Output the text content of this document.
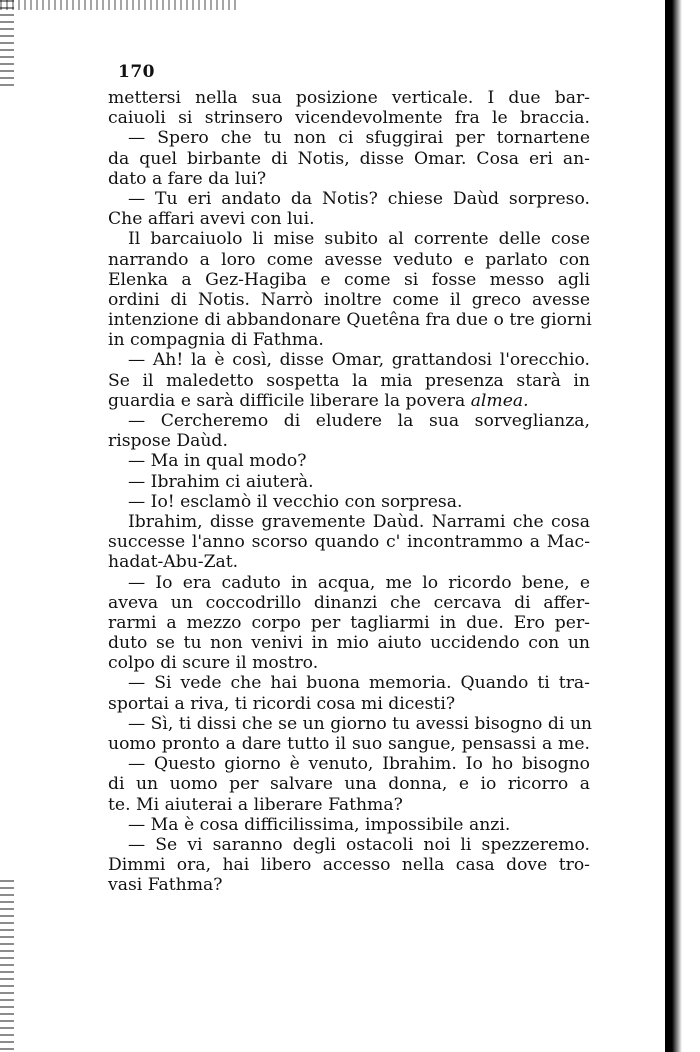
170
mettersi nella sua posizione verticale. I due bar-
caiuoli si strinsero vicendevolmente fra le braccia.
— Spero che tu non ci sfuggirai per tornartene
da quel birbante di Notis, disse Omar. Cosa eri an-
dato a fare da lui?
— Tu eri andato da Notis? chiese Daùd sorpreso.
Che affari avevi con lui.
Il barcaiuolo li mise subito al corrente delle cose
narrando a loro come avesse veduto e parlato con
Elenka a Gez-Hagiba e come si fosse messo agli
ordini di Notis. Narrò inoltre come il greco avesse
intenzione di abbandonare Quetêna fra due o tre giorni
in compagnia di Fathma.
— Ah! la è così, disse Omar, grattandosi l'orecchio.
Se il maledetto sospetta la mia presenza starà in
guardia e sarà difficile liberare la povera almea.
— Cercheremo di eludere la sua sorveglianza,
rispose Daùd.
— Ma in qual modo?
— Ibrahim ci aiuterà.
— Io! esclamò il vecchio con sorpresa.
Ibrahim, disse gravemente Daùd. Narrami che cosa
successe l'anno scorso quando c' incontrammo a Mac-
hadat-Abu-Zat.
— Io era caduto in acqua, me lo ricordo bene, e
aveva un coccodrillo dinanzi che cercava di affer-
rarmi a mezzo corpo per tagliarmi in due. Ero per-
duto se tu non venivi in mio aiuto uccidendo con un
colpo di scure il mostro.
— Si vede che hai buona memoria. Quando ti tra-
sportai a riva, ti ricordi cosa mi dicesti?
— Sì, ti dissi che se un giorno tu avessi bisogno di un
uomo pronto a dare tutto il suo sangue, pensassi a me.
— Questo giorno è venuto, Ibrahim. Io ho bisogno
di un uomo per salvare una donna, e io ricorro a
te. Mi aiuterai a liberare Fathma?
— Ma è cosa difficilissima, impossibile anzi.
— Se vi saranno degli ostacoli noi li spezzeremo.
Dimmi ora, hai libero accesso nella casa dove tro-
vasi Fathma?
